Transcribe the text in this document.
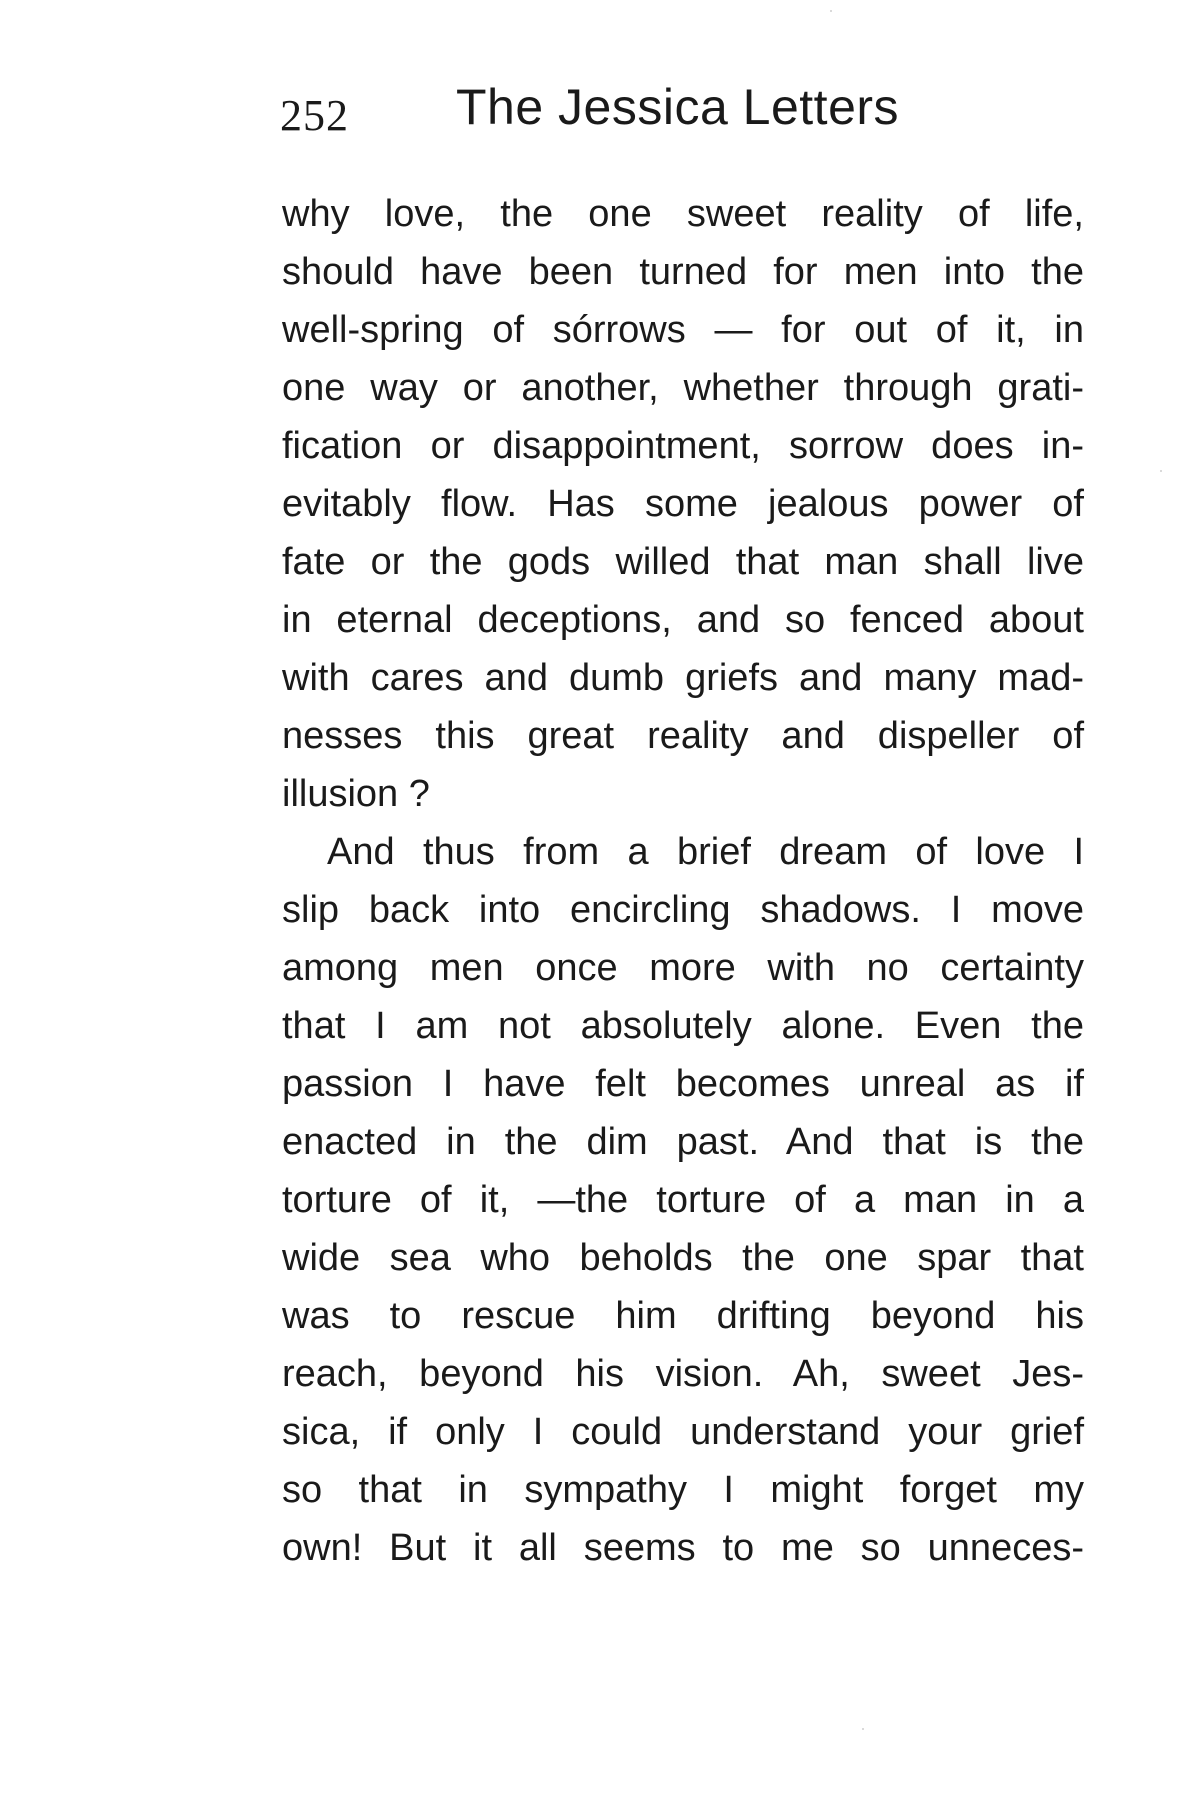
252 The Jessica Letters
why love, the one sweet reality of life,
should have been turned for men into the
well-spring of sórrows — for out of it, in
one way or another, whether through grati-
fication or disappointment, sorrow does in-
evitably flow. Has some jealous power of
fate or the gods willed that man shall live
in eternal deceptions, and so fenced about
with cares and dumb griefs and many mad-
nesses this great reality and dispeller of
illusion ?
And thus from a brief dream of love I
slip back into encircling shadows. I move
among men once more with no certainty
that I am not absolutely alone. Even the
passion I have felt becomes unreal as if
enacted in the dim past. And that is the
torture of it, —the torture of a man in a
wide sea who beholds the one spar that
was to rescue him drifting beyond his
reach, beyond his vision. Ah, sweet Jes-
sica, if only I could understand your grief
so that in sympathy I might forget my
own! But it all seems to me so unneces-
